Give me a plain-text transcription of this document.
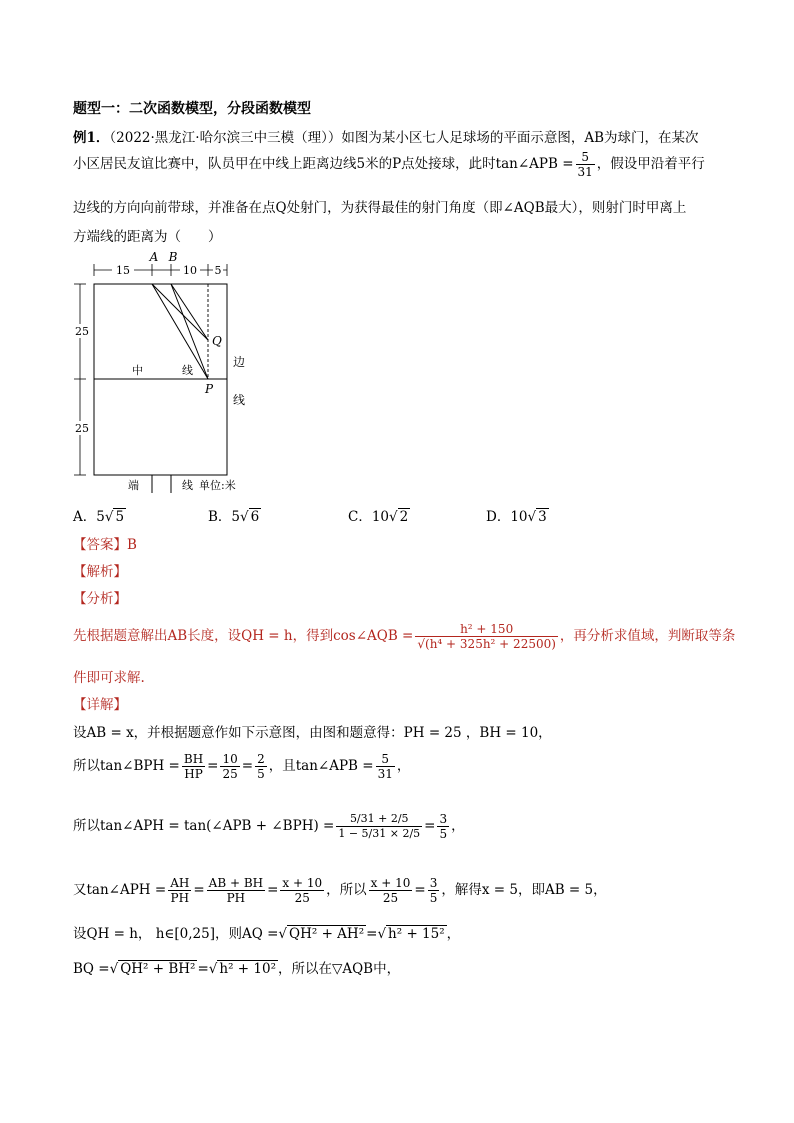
题型一：二次函数模型，分段函数模型
例1．（2022·黑龙江·哈尔滨三中三模（理））如图为某小区七人足球场的平面示意图，AB为球门，在某次
小区居民友谊比赛中，队员甲在中线上距离边线5米的P点处接球，此时tan∠APB = $\frac{5}{31}$ ，假设甲沿着平行
边线的方向向前带球，并准备在点Q处射门，为获得最佳的射门角度（即∠AQB最大），则射门时甲离上
方端线的距离为（　　）
15	10 5
A B
25
25
Q
P
中	线
边
线
端	线 单位:米
A．5√ 5	B．5√ 6	C．10√ 2	D．10√ 3
【答案】B
【解析】
【分析】
先根据题意解出AB长度，设QH = h，得到cos∠AQB = $\frac{\text{h² + 150}}{\text{√(h⁴ + 325h² + 22500)}}$ ，再分析求值域，判断取等条
件即可求解.
【详解】
设AB = x，并根据题意作如下示意图，由图和题意得：PH = 25 ，BH = 10，
所以tan∠BPH = $\frac{BH}{HP} = \frac{10}{25} = \frac{2}{5}$ ，且tan∠APB = $\frac{5}{31}$ ，
所以tan∠APH = tan(∠APB + ∠BPH) = $\frac{5/31 + 2/5}{1 - 5/31 \times 2/5} = \frac{3}{5}$ ，
又tan∠APH = $\frac{AH}{PH} = \frac{AB + BH}{PH} = \frac{x + 10}{25}$ ，所以 $\frac{x + 10}{25} = \frac{3}{5}$ ，解得x = 5，即AB = 5，
设QH = h， h∈[0,25]，则AQ =√ QH² + AH² =√ h² + 15² ，
BQ =√ QH² + BH² =√ h² + 10² ，所以在▽AQB中，
